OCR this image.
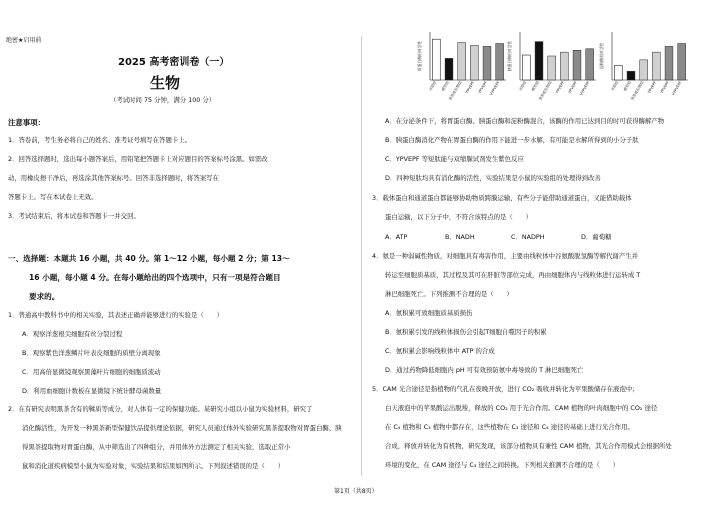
绝密★启用前
2025 高考密训卷（一）
生物
（考试时间 75 分钟，满分 100 分）
注意事项：
1．答卷前，考生务必将自己的姓名、准考证号填写在答题卡上。
2．回答选择题时，选出每小题答案后，用铅笔把答题卡上对应题目的答案标号涂黑。如需改
动，用橡皮擦干净后，再选涂其他答案标号。回答非选择题时，将答案写在
答题卡上。写在本试卷上无效。
3．考试结束后，将本试卷和答题卡一并交回。
一、选择题：本题共 16 小题，共 40 分。第 1～12 小题，每小题 2 分；第 13～
16 小题，每小题 4 分。在每小题给出的四个选项中，只有一项是符合题目
要求的。
1．普通高中教科书中的相关实验，其表述正确并能够进行的实验是（　　）
A．观察洋葱根尖细胞有丝分裂过程
B．观察紫色洋葱鳞片叶表皮细胞的质壁分离现象
C．用高倍显微镜观察黑藻叶片细胞的细胞质流动
D．利用血细胞计数板在显微镜下统计酵母菌数量
2．在有研究表明黑茶含有的鞣质等成分，对人体有一定的保健功能。某研究小组以小鼠为实验材料，研究了
消化酶活性，为开发一种黑茶新型保健饮品提供理论依据，研究人员通过体外实验研究黑茶提取物对胃蛋白酶、胰
得黑茶提取物对胃蛋白酶，从中筛选出了四种组分，并用体外方法测定了相关实验，选取正常小
鼠和消化道疾病模型小鼠为实验对象，实验结果和结果如图所示。下列叙述错误的是（　　）
胃蛋白酶相对活性
对照组 模型组
黑茶提取物组 YPVEPF YPVEPF VYPVEPF
胰蛋白酶相对活性
对照组 模型组
黑茶提取物组 YPVEPF YPVEPF VYPVEPF
淀粉酶相对活性
对照组 模型组
黑茶提取物组 YPVEPF YPVEPF VYPVEPF
A．在分泌条件下，将胃蛋白酶、胰蛋白酶和淀粉酶混合，该酶的作用已达到目的时可获得酶解产物
B．胰蛋白酶消化产物在胃蛋白酶的作用下能进一步水解，有可能是水解所得到的小分子肽
C．YPVEPF 等短肽能与双缩脲试剂发生紫色反应
D．四种短肽均具有消化酶的活性，实验结果是小鼠的实验组的处理得到改善
3．载体蛋白和通道蛋白都能够协助物质跨膜运输，有些分子能借助通道蛋白，又能借助载体
蛋白运输，以下分子中，不符合该特点的是（　　）
A．ATP	B．NADH	C．NADPH	D．葡萄糖
4．氨是一种弱碱性物质，对细胞具有毒害作用，主要由线粒体中谷氨酸脱氢酶等解代谢产生并
转运至细胞质基质，其过程及其可在肝脏等部位完成，再由细胞体内与线粒体进行运转成 T
淋巴细胞死亡。下列推测不合理的是（　　）
A．氨积累可致细胞质基质损伤
B．氨积累引发的线粒体损伤会引起T细胞自噬因子的积累
C．氨积累会影响线粒体中 ATP 的合成
D．通过药物降低细胞内 pH 可有效预防氨中毒导致的 T 淋巴细胞死亡
5．CAM 光合途径是指植物的气孔在夜晚开放，进行 CO₂ 吸收并转化为苹果酸储存在液泡中；
白天液泡中的苹果酸运出脱羧，释放的 CO₂ 用于光合作用。CAM 植物的叶肉细胞中的 CO₂ 途径
在 C₄ 植物和 C₃ 植物中都存在，这些植物在 C₃ 途径和 C₄ 途径的基础上进行光合作用。
合成，释放并转化为有机物，研究发现，该部分植物具有兼性 CAM 植物，其光合作用模式会根据所处
环境的变化，在 CAM 途径与 C₃ 途径之间转换。下列相关推测不合理的是（　　）
第1页（共8页）
